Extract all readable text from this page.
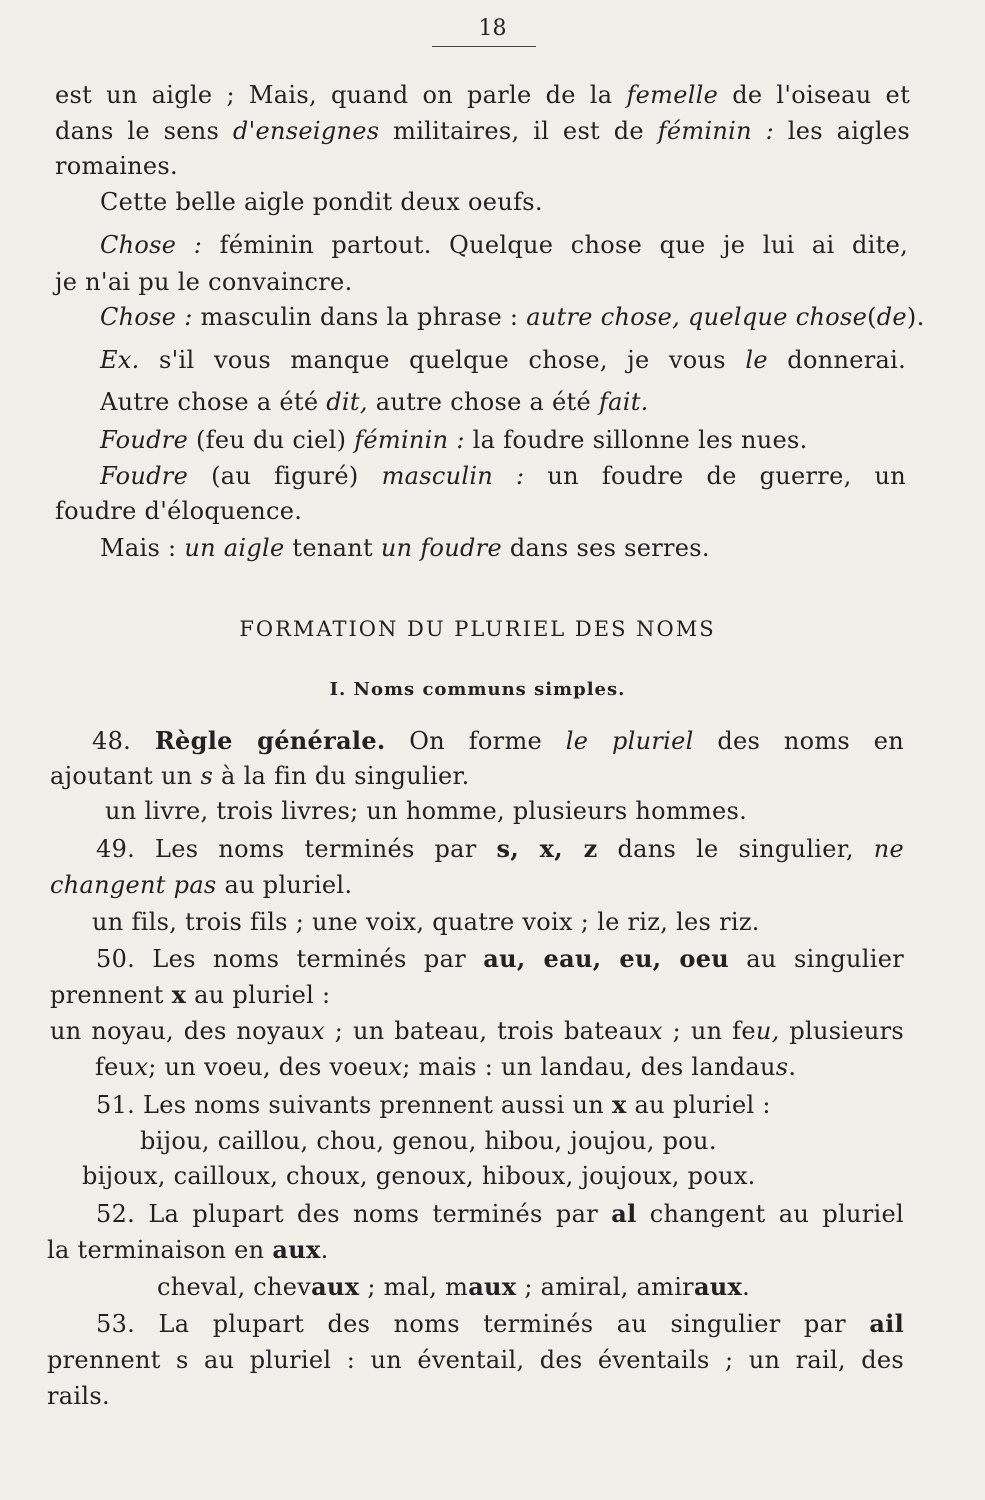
18
est un aigle ; Mais, quand on parle de la femelle de l'oiseau et
dans le sens d'enseignes militaires, il est de féminin : les aigles
romaines.
Cette belle aigle pondit deux oeufs.
Chose : féminin partout. Quelque chose que je lui ai dite,
je n'ai pu le convaincre.
Chose : masculin dans la phrase : autre chose, quelque chose(de).
Ex. s'il vous manque quelque chose, je vous le donnerai.
Autre chose a été dit, autre chose a été fait.
Foudre (feu du ciel) féminin : la foudre sillonne les nues.
Foudre (au figuré) masculin : un foudre de guerre, un
foudre d'éloquence.
Mais : un aigle tenant un foudre dans ses serres.
FORMATION DU PLURIEL DES NOMS
I. Noms communs simples.
48. Règle générale. On forme le pluriel des noms en
ajoutant un s à la fin du singulier.
un livre, trois livres; un homme, plusieurs hommes.
49. Les noms terminés par s, x, z dans le singulier, ne
changent pas au pluriel.
un fils, trois fils ; une voix, quatre voix ; le riz, les riz.
50. Les noms terminés par au, eau, eu, oeu au singulier
prennent x au pluriel :
un noyau, des noyaux ; un bateau, trois bateaux ; un feu, plusieurs
feux; un voeu, des voeux; mais : un landau, des landaus.
51. Les noms suivants prennent aussi un x au pluriel :
bijou, caillou, chou, genou, hibou, joujou, pou.
bijoux, cailloux, choux, genoux, hiboux, joujoux, poux.
52. La plupart des noms terminés par al changent au pluriel
la terminaison en aux.
cheval, chevaux ; mal, maux ; amiral, amiraux.
53. La plupart des noms terminés au singulier par ail
prennent s au pluriel : un éventail, des éventails ; un rail, des
rails.
